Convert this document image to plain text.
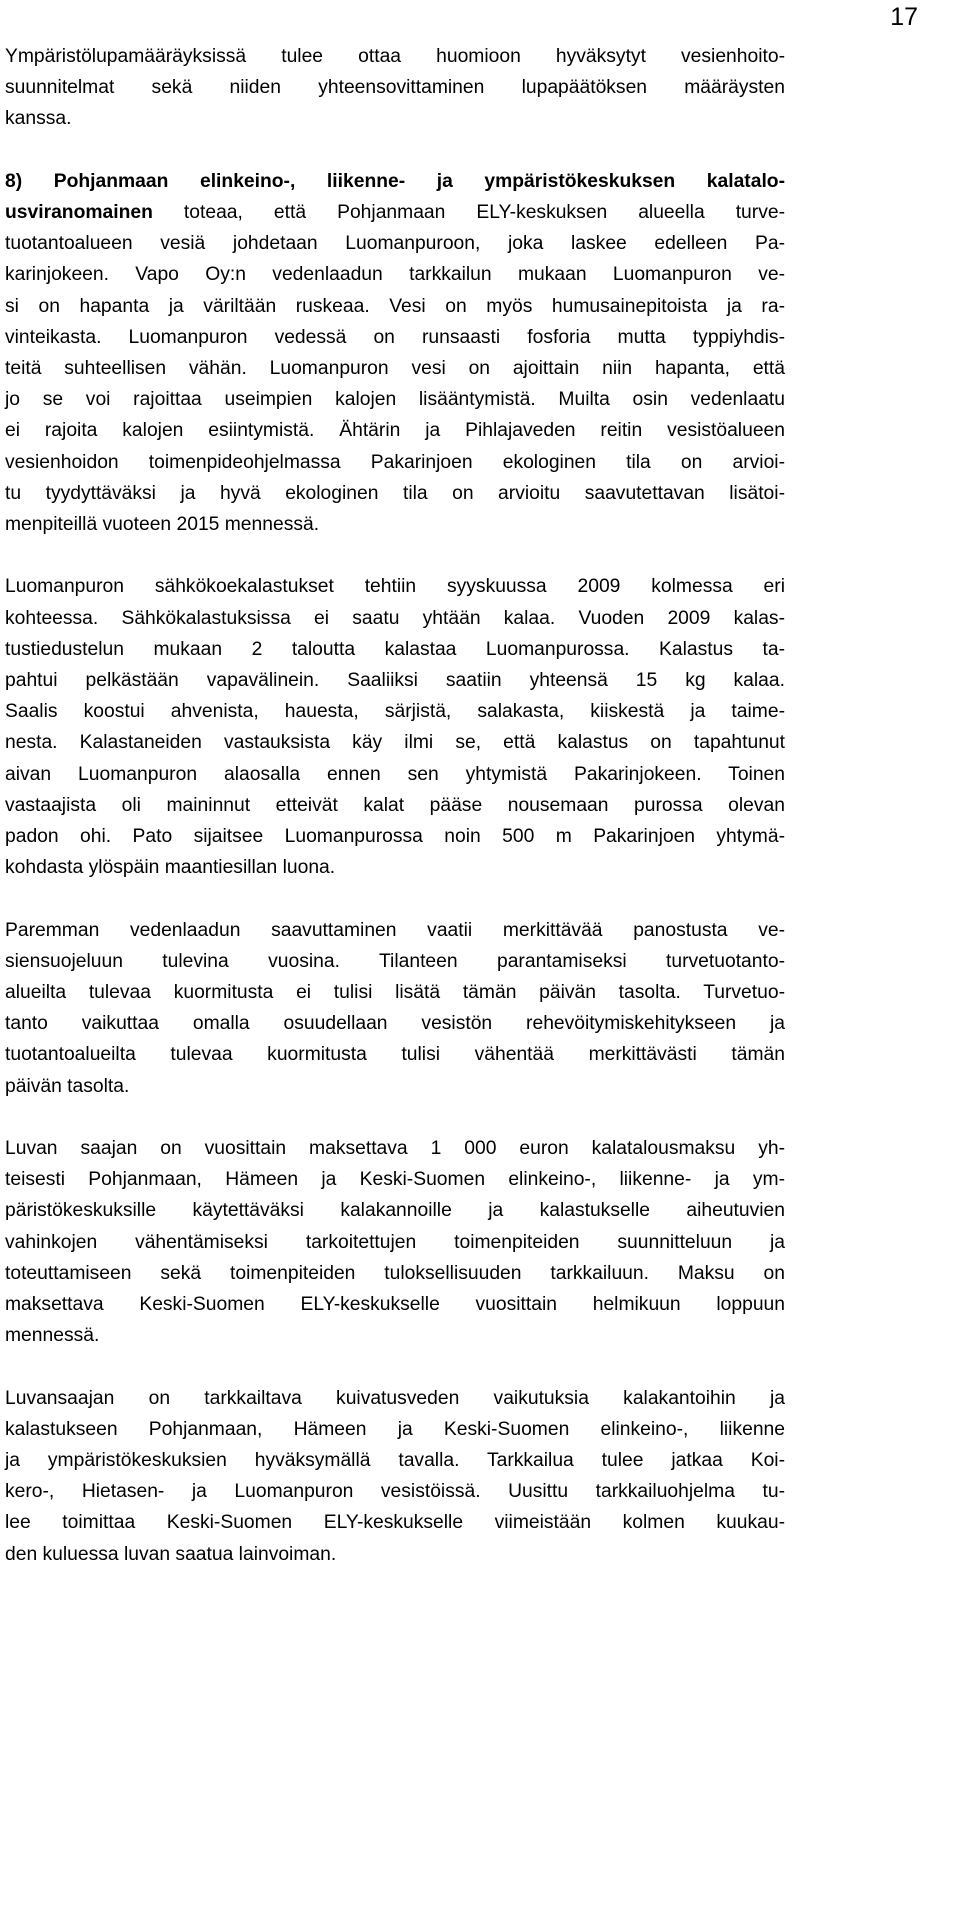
17
Ympäristölupamääräyksissä tulee ottaa huomioon hyväksytyt vesienhoito-
suunnitelmat sekä niiden yhteensovittaminen lupapäätöksen määräysten
kanssa.
8) Pohjanmaan elinkeino-, liikenne- ja ympäristökeskuksen kalatalo-
usviranomainen toteaa, että Pohjanmaan ELY-keskuksen alueella turve-
tuotantoalueen vesiä johdetaan Luomanpuroon, joka laskee edelleen Pa-
karinjokeen. Vapo Oy:n vedenlaadun tarkkailun mukaan Luomanpuron ve-
si on hapanta ja väriltään ruskeaa. Vesi on myös humusainepitoista ja ra-
vinteikasta. Luomanpuron vedessä on runsaasti fosforia mutta typpiyhdis-
teitä suhteellisen vähän. Luomanpuron vesi on ajoittain niin hapanta, että
jo se voi rajoittaa useimpien kalojen lisääntymistä. Muilta osin vedenlaatu
ei rajoita kalojen esiintymistä. Ähtärin ja Pihlajaveden reitin vesistöalueen
vesienhoidon toimenpideohjelmassa Pakarinjoen ekologinen tila on arvioi-
tu tyydyttäväksi ja hyvä ekologinen tila on arvioitu saavutettavan lisätoi-
menpiteillä vuoteen 2015 mennessä.
Luomanpuron sähkökoekalastukset tehtiin syyskuussa 2009 kolmessa eri
kohteessa. Sähkökalastuksissa ei saatu yhtään kalaa. Vuoden 2009 kalas-
tustiedustelun mukaan 2 taloutta kalastaa Luomanpurossa. Kalastus ta-
pahtui pelkästään vapavälinein. Saaliiksi saatiin yhteensä 15 kg kalaa.
Saalis koostui ahvenista, hauesta, särjistä, salakasta, kiiskestä ja taime-
nesta. Kalastaneiden vastauksista käy ilmi se, että kalastus on tapahtunut
aivan Luomanpuron alaosalla ennen sen yhtymistä Pakarinjokeen. Toinen
vastaajista oli maininnut etteivät kalat pääse nousemaan purossa olevan
padon ohi. Pato sijaitsee Luomanpurossa noin 500 m Pakarinjoen yhtymä-
kohdasta ylöspäin maantiesillan luona.
Paremman vedenlaadun saavuttaminen vaatii merkittävää panostusta ve-
siensuojeluun tulevina vuosina. Tilanteen parantamiseksi turvetuotanto-
alueilta tulevaa kuormitusta ei tulisi lisätä tämän päivän tasolta. Turvetuo-
tanto vaikuttaa omalla osuudellaan vesistön rehevöitymiskehitykseen ja
tuotantoalueilta tulevaa kuormitusta tulisi vähentää merkittävästi tämän
päivän tasolta.
Luvan saajan on vuosittain maksettava 1 000 euron kalatalousmaksu yh-
teisesti Pohjanmaan, Hämeen ja Keski-Suomen elinkeino-, liikenne- ja ym-
päristökeskuksille käytettäväksi kalakannoille ja kalastukselle aiheutuvien
vahinkojen vähentämiseksi tarkoitettujen toimenpiteiden suunnitteluun ja
toteuttamiseen sekä toimenpiteiden tuloksellisuuden tarkkailuun. Maksu on
maksettava Keski-Suomen ELY-keskukselle vuosittain helmikuun loppuun
mennessä.
Luvansaajan on tarkkailtava kuivatusveden vaikutuksia kalakantoihin ja
kalastukseen Pohjanmaan, Hämeen ja Keski-Suomen elinkeino-, liikenne
ja ympäristökeskuksien hyväksymällä tavalla. Tarkkailua tulee jatkaa Koi-
kero-, Hietasen- ja Luomanpuron vesistöissä. Uusittu tarkkailuohjelma tu-
lee toimittaa Keski-Suomen ELY-keskukselle viimeistään kolmen kuukau-
den kuluessa luvan saatua lainvoiman.
